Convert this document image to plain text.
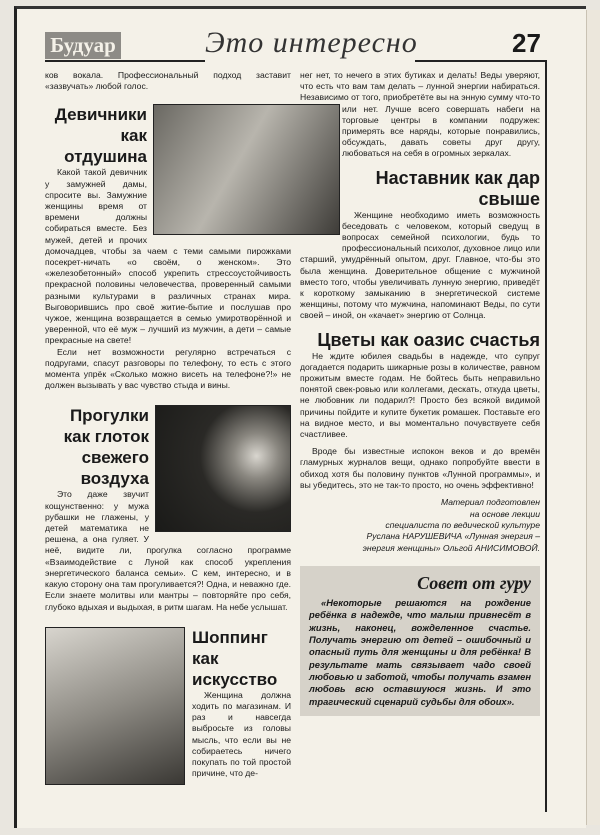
Будуар	Это интересно	27

ков вокала. Профессиональный подход заставит «зазвучать» любой голос.

Девичники как отдушина

Какой такой девичник у замужней дамы, спросите вы. Замужние женщины время от времени должны собираться вместе. Без мужей, детей и прочих домочадцев, чтобы за чаем с теми самыми пирожками посекрет-ничать «о своём, о женском». Это «железобетонный» способ укрепить стрессоустойчивость прекрасной половины человечества, проверенный самыми разными культурами в различных странах мира. Выговорившись про своё житие-бытие и послушав про чужое, женщина возвращается в семью умиротворённой и уверенной, что её муж – лучший из мужчин, а дети – самые прекрасные на свете!

Если нет возможности регулярно встречаться с подругами, спасут разговоры по телефону, то есть с этого момента упрёк «Сколько можно висеть на телефоне?!» не должен вызывать у вас чувство стыда и вины.

Прогулки как глоток свежего воздуха

Это даже звучит кощунственно: у мужа рубашки не глажены, у детей математика не решена, а она гуляет. У неё, видите ли, прогулка согласно программе «Взаимодействие с Луной как способ укрепления энергетического баланса семьи». С кем, интересно, и в какую сторону она там прогуливается?! Одна, и неважно где. Если знаете молитвы или мантры – повторяйте про себя, глубоко вдыхая и выдыхая, в ритм шагам. На небе услышат.

Шоппинг как искусство

Женщина должна ходить по магазинам. И раз и навсегда выбросьте из головы мысль, что если вы не собираетесь ничего покупать по той простой причине, что де-

нег нет, то нечего в этих бутиках и делать! Веды уверяют, что есть что вам там делать – лунной энергии набираться. Независимо от того, приобретёте вы на энную сумму что-
то или нет. Лучше всего совершать набеги на торговые центры в компании подружек: примерять все наряды, которые понравились, обсуждать, давать советы друг другу, любоваться на себя в огромных зеркалах.

Наставник как дар свыше

Женщине необходимо иметь возможность беседовать с человеком, который сведущ в вопросах семейной психологии, будь то профессиональный психолог, духовное лицо или старший, умудрённый опытом, друг. Главное, что-бы это была женщина. Доверительное общение с мужчиной вместо того, чтобы увеличивать лунную энергию, приведёт к короткому замыканию в энергетической системе женщины, потому что мужчина, напоминают Веды, по сути своей – иной, он «качает» энергию от Солнца.

Цветы как оазис счастья

Не ждите юбилея свадьбы в надежде, что супруг догадается подарить шикарные розы в количестве, равном прожитым вместе годам. Не бойтесь быть неправильно понятой свек-ровью или коллегами, дескать, откуда цветы, не любовник ли подарил?! Просто без всякой видимой причины пойдите и купите букетик ромашек. Поставьте его на видное место, и вы моментально почувствуете себя счастливее.

Вроде бы известные испокон веков и до времён гламурных журналов вещи, однако попробуйте ввести в обиход хотя бы половину пунктов «Лунной программы», и вы убедитесь, это не так-то просто, но очень эффективно!

Материал подготовлен
на основе лекции
специалиста по ведической культуре
Руслана НАРУШЕВИЧА «Лунная энергия –
энергия женщины» Ольгой АНИСИМОВОЙ.
Совет от гуру

«Некоторые решаются на рождение ребёнка в надежде, что малыш привнесёт в жизнь, наконец, вожделенное счастье. Получать энергию от детей – ошибочный и опасный путь для женщины и для ребёнка! В результате мать связывает чадо своей любовью и заботой, чтобы получать взамен любовь всю оставшуюся жизнь. И это трагический сценарий судьбы для обоих».
